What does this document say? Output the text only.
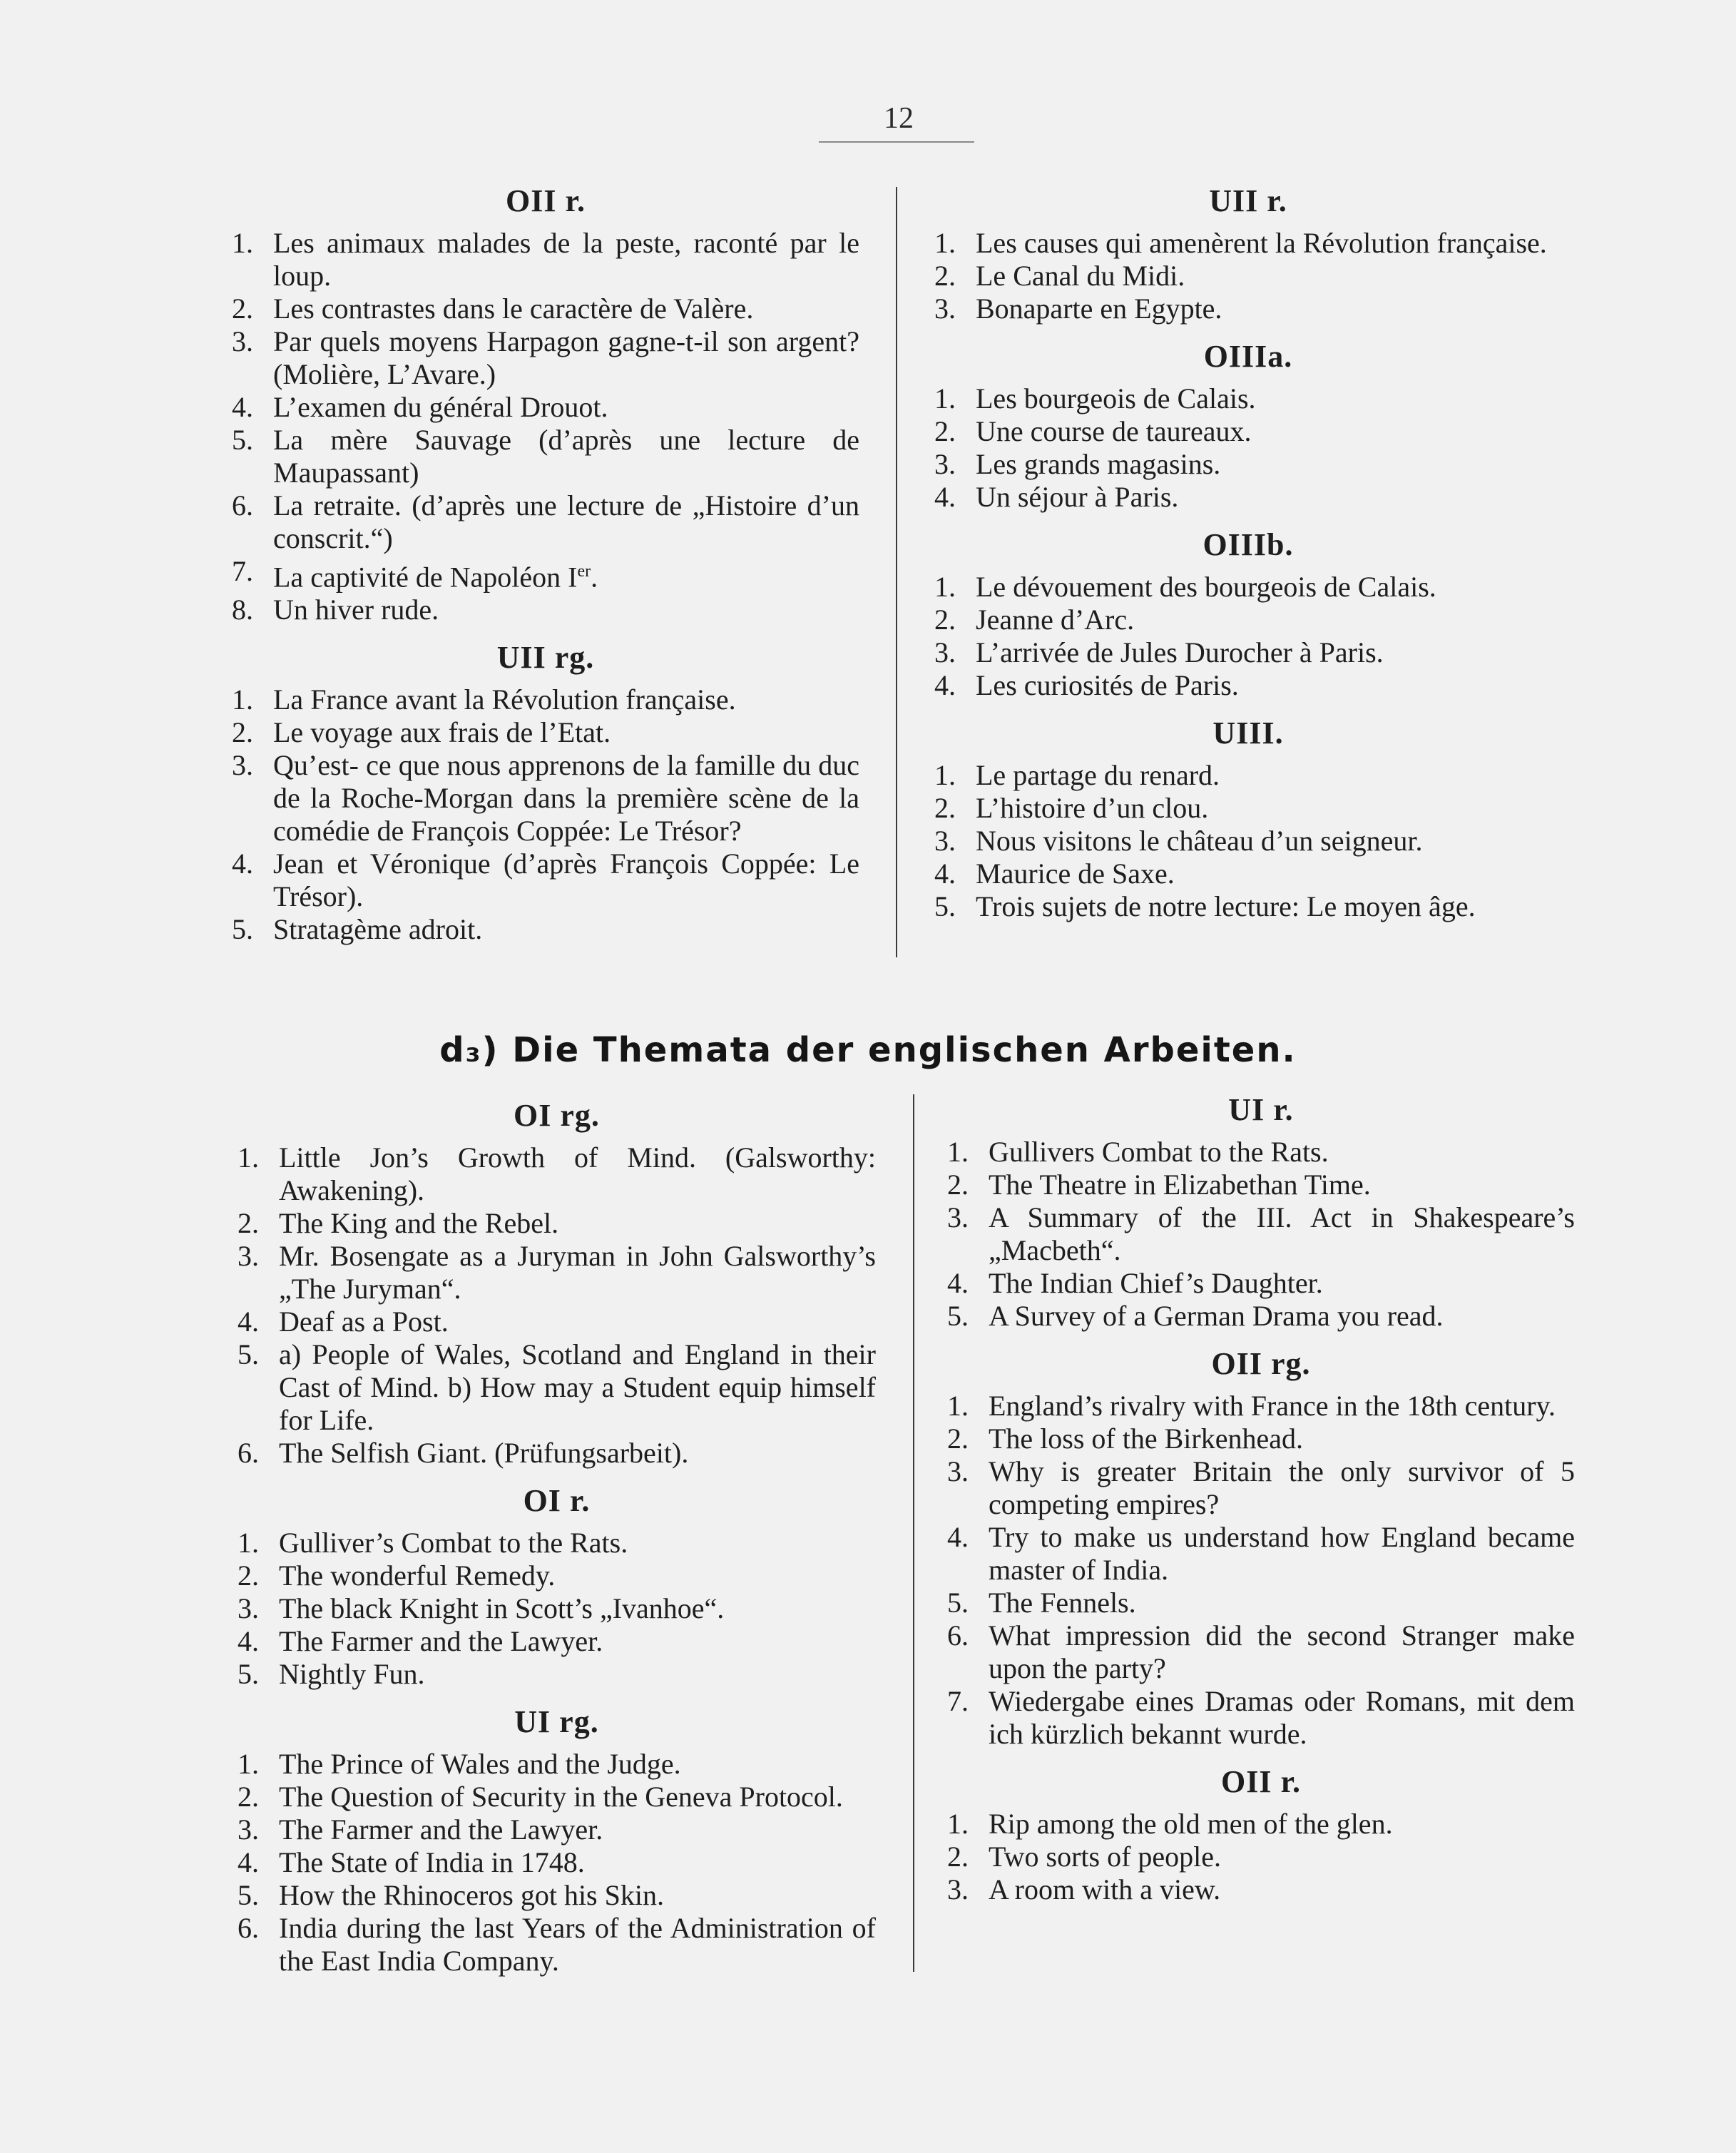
12
OII r.
1. Les animaux malades de la peste, raconté par le loup.
2. Les contrastes dans le caractère de Valère.
3. Par quels moyens Harpagon gagne-t-il son argent? (Molière, L’Avare.)
4. L’examen du général Drouot.
5. La mère Sauvage (d’après une lecture de Maupassant)
6. La retraite. (d’après une lecture de „Histoire d’un conscrit.“)
7. La captivité de Napoléon Ier.
8. Un hiver rude.
UII rg.
1. La France avant la Révolution française.
2. Le voyage aux frais de l’Etat.
3. Qu’est- ce que nous apprenons de la famille du duc de la Roche-Morgan dans la première scène de la comédie de François Coppée: Le Trésor?
4. Jean et Véronique (d’après François Coppée: Le Trésor).
5. Stratagème adroit.
UII r.
1. Les causes qui amenèrent la Révolution française.
2. Le Canal du Midi.
3. Bonaparte en Egypte.
OIIIa.
1. Les bourgeois de Calais.
2. Une course de taureaux.
3. Les grands magasins.
4. Un séjour à Paris.
OIIIb.
1. Le dévouement des bourgeois de Calais.
2. Jeanne d’Arc.
3. L’arrivée de Jules Durocher à Paris.
4. Les curiosités de Paris.
UIII.
1. Le partage du renard.
2. L’histoire d’un clou.
3. Nous visitons le château d’un seigneur.
4. Maurice de Saxe.
5. Trois sujets de notre lecture: Le moyen âge.
d₃) Die Themata der englischen Arbeiten.
OI rg.
1. Little Jon’s Growth of Mind. (Galsworthy: Awakening).
2. The King and the Rebel.
3. Mr. Bosengate as a Juryman in John Galsworthy’s „The Juryman“.
4. Deaf as a Post.
5. a) People of Wales, Scotland and England in their Cast of Mind. b) How may a Student equip himself for Life.
6. The Selfish Giant. (Prüfungsarbeit).
OI r.
1. Gulliver’s Combat to the Rats.
2. The wonderful Remedy.
3. The black Knight in Scott’s „Ivanhoe“.
4. The Farmer and the Lawyer.
5. Nightly Fun.
UI rg.
1. The Prince of Wales and the Judge.
2. The Question of Security in the Geneva Protocol.
3. The Farmer and the Lawyer.
4. The State of India in 1748.
5. How the Rhinoceros got his Skin.
6. India during the last Years of the Administration of the East India Company.
UI r.
1. Gullivers Combat to the Rats.
2. The Theatre in Elizabethan Time.
3. A Summary of the III. Act in Shakespeare’s „Macbeth“.
4. The Indian Chief’s Daughter.
5. A Survey of a German Drama you read.
OII rg.
1. England’s rivalry with France in the 18th century.
2. The loss of the Birkenhead.
3. Why is greater Britain the only survivor of 5 competing empires?
4. Try to make us understand how England became master of India.
5. The Fennels.
6. What impression did the second Stranger make upon the party?
7. Wiedergabe eines Dramas oder Romans, mit dem ich kürzlich bekannt wurde.
OII r.
1. Rip among the old men of the glen.
2. Two sorts of people.
3. A room with a view.
